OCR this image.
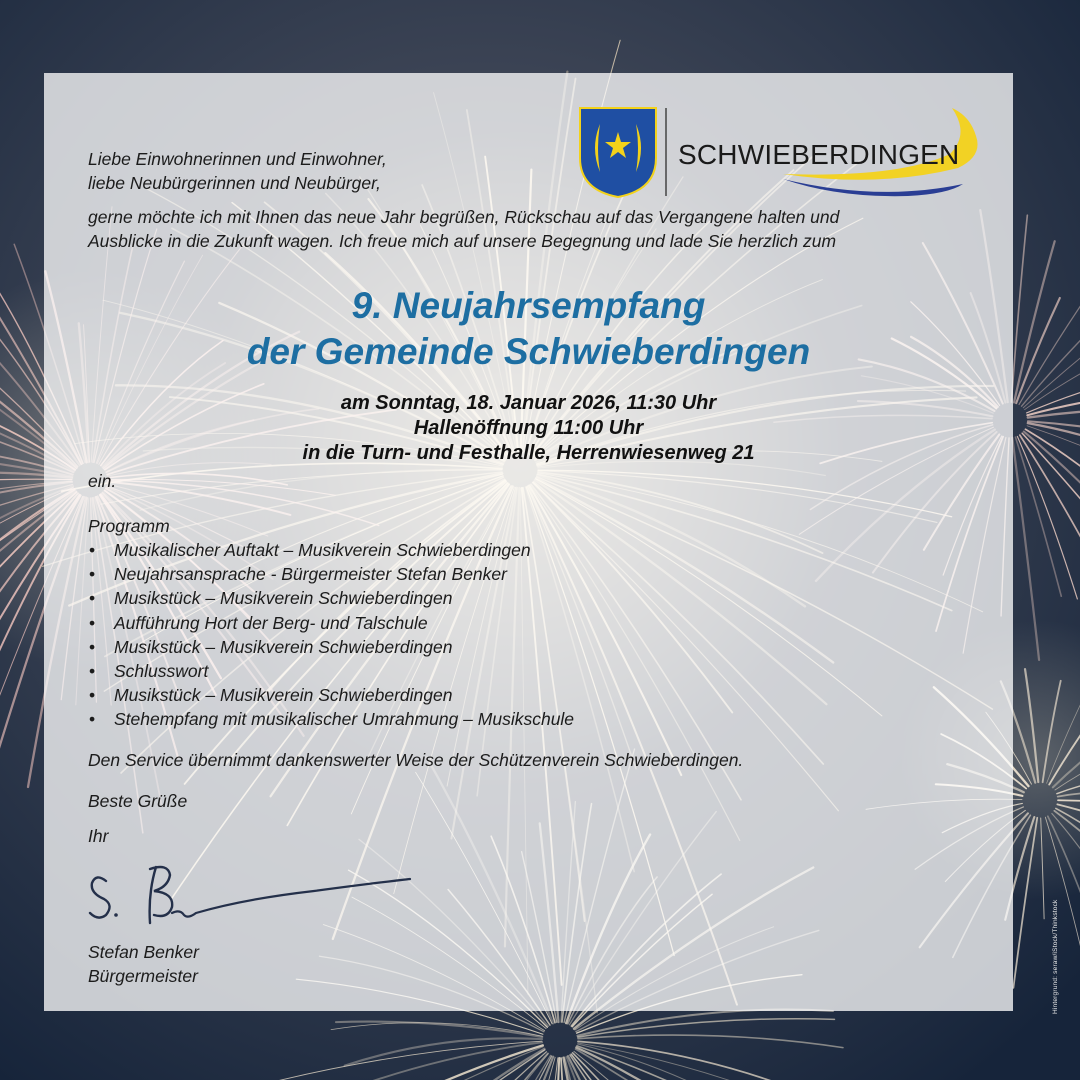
Hintergrund: seraw/iStock/Thinkstock
SCHWIEBERDINGEN
Liebe Einwohnerinnen und Einwohner,
liebe Neubürgerinnen und Neubürger,
gerne möchte ich mit Ihnen das neue Jahr begrüßen, Rückschau auf das Vergangene halten und
Ausblicke in die Zukunft wagen. Ich freue mich auf unsere Begegnung und lade Sie herzlich zum
9. Neujahrsempfang
der Gemeinde Schwieberdingen
am Sonntag, 18. Januar 2026, 11:30 Uhr
Hallenöffnung 11:00 Uhr
in die Turn- und Festhalle, Herrenwiesenweg 21
ein.
Programm
• Musikalischer Auftakt – Musikverein Schwieberdingen
• Neujahrsansprache - Bürgermeister Stefan Benker
• Musikstück – Musikverein Schwieberdingen
• Aufführung Hort der Berg- und Talschule
• Musikstück – Musikverein Schwieberdingen
• Schlusswort
• Musikstück – Musikverein Schwieberdingen
• Stehempfang mit musikalischer Umrahmung – Musikschule
Den Service übernimmt dankenswerter Weise der Schützenverein Schwieberdingen.
Beste Grüße
Ihr
Stefan Benker
Bürgermeister
